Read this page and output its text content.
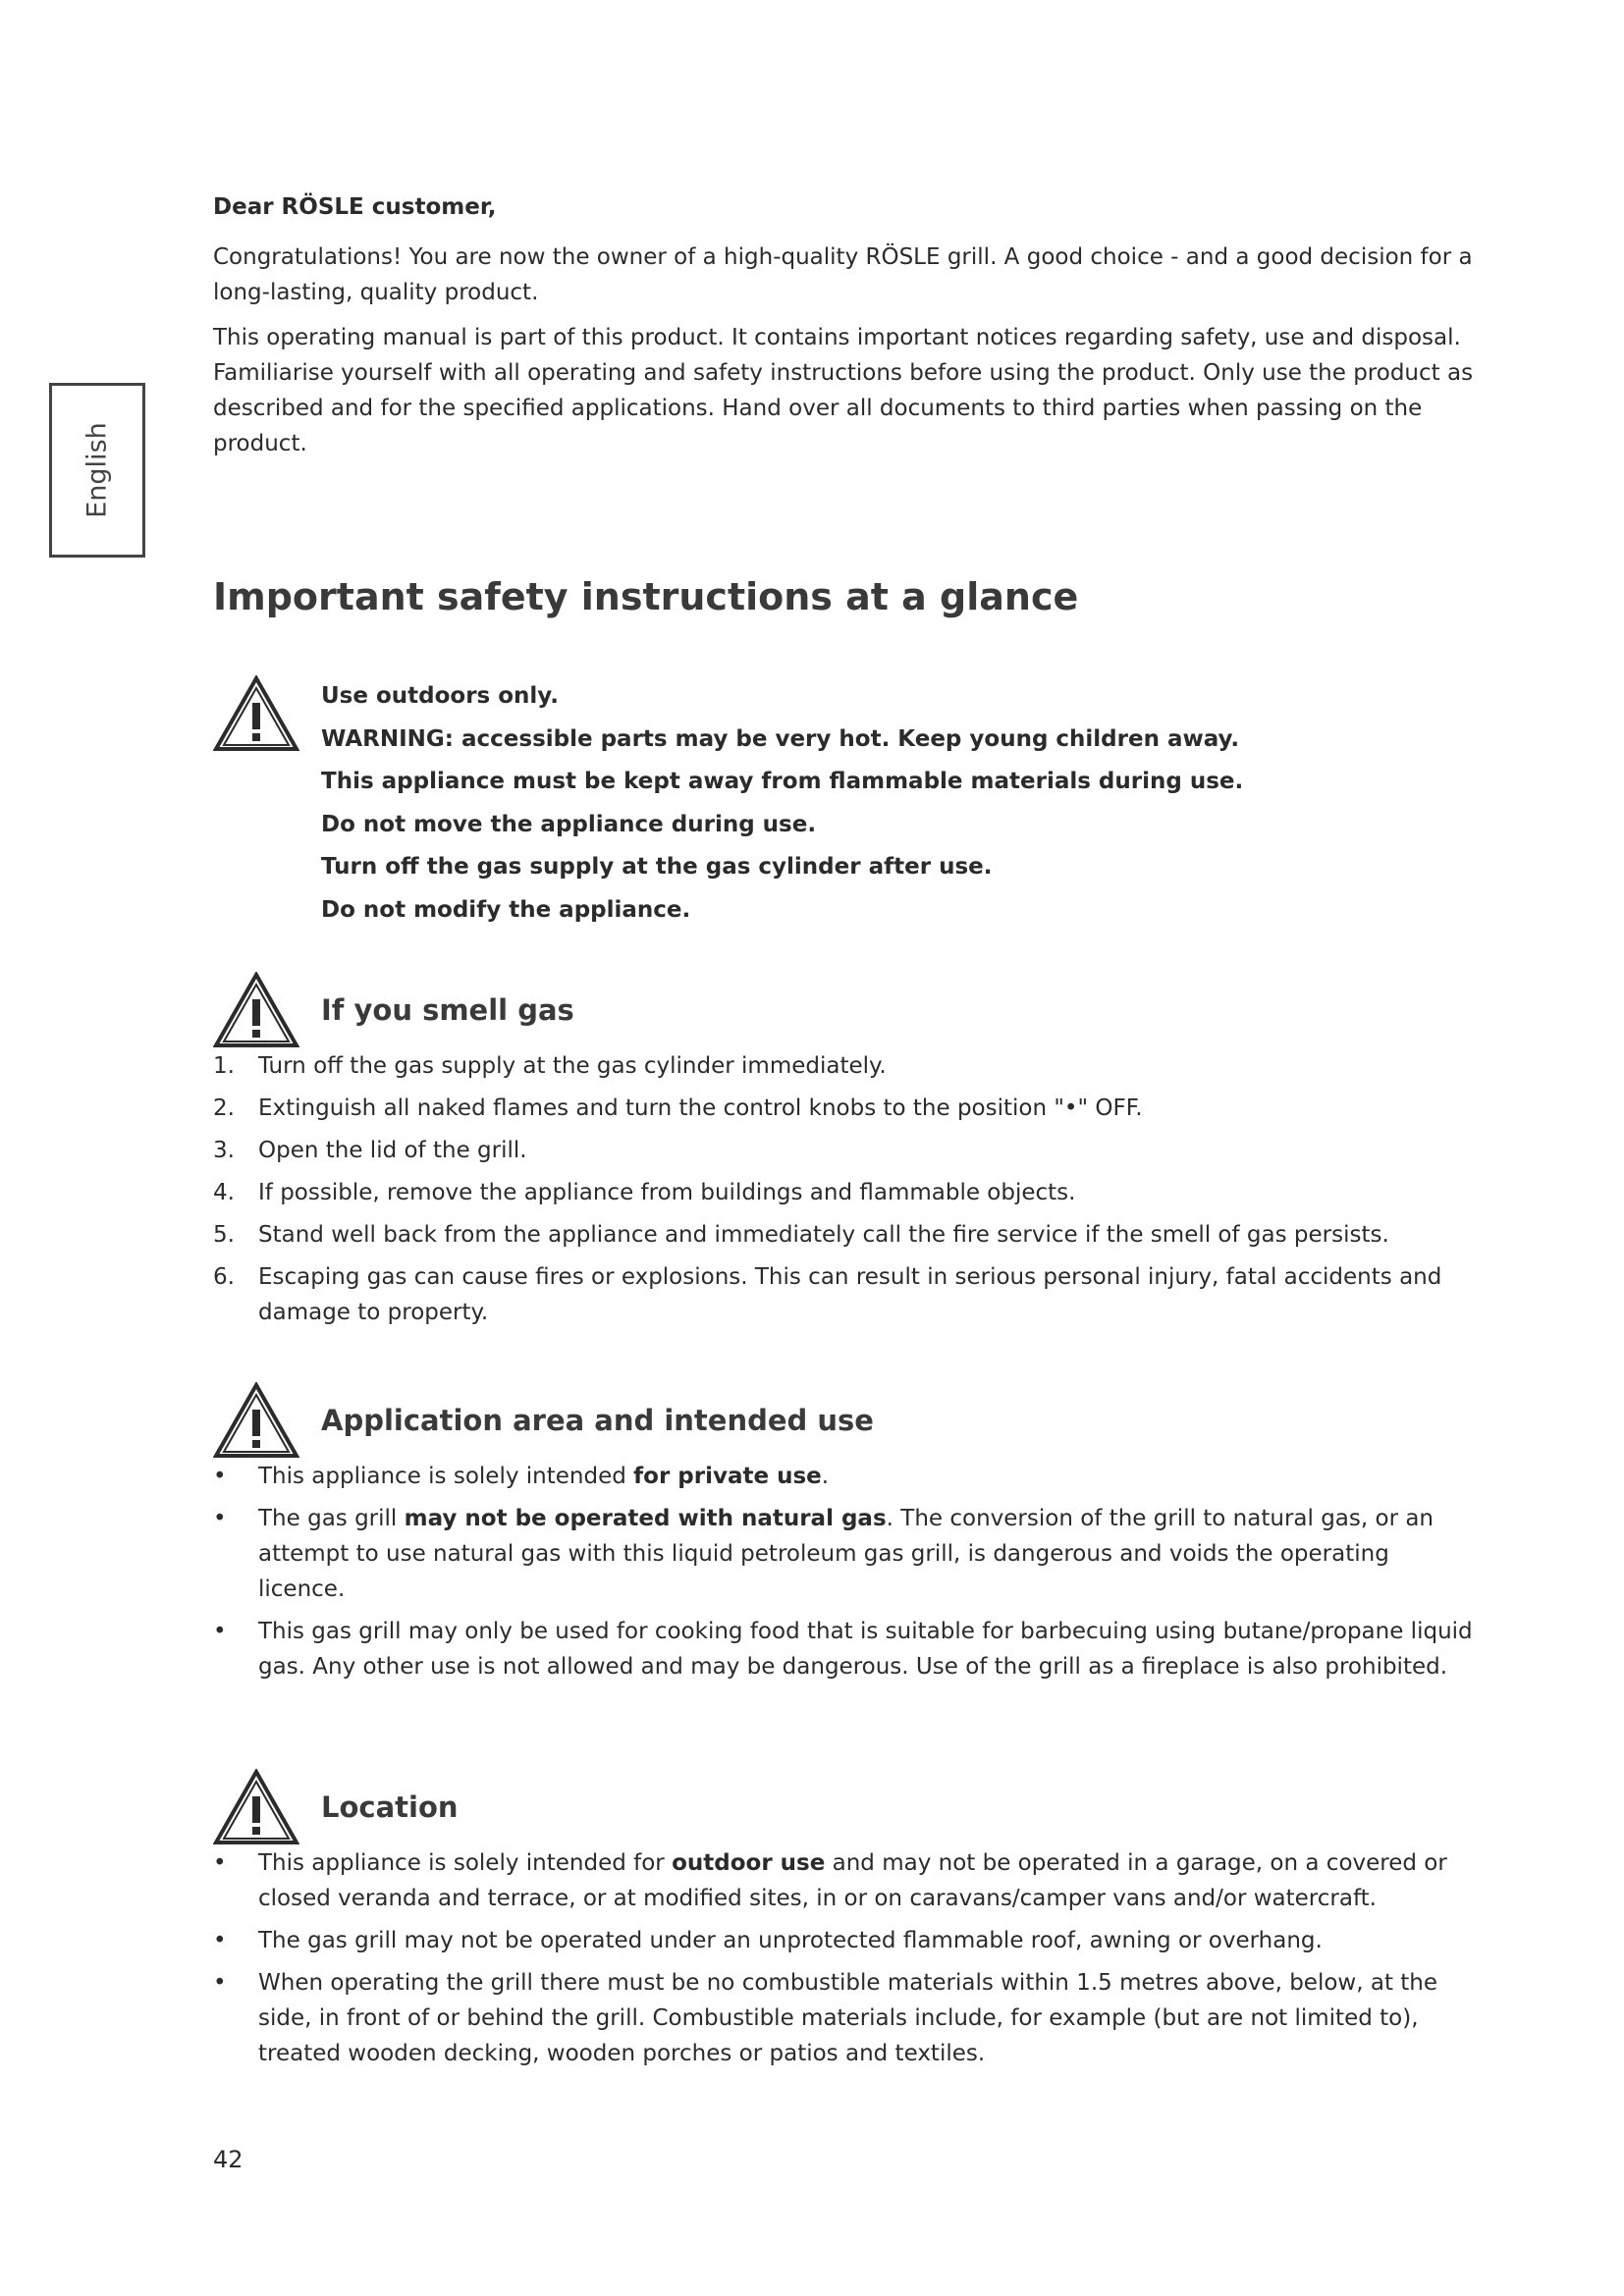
English

Dear RÖSLE customer,

Congratulations! You are now the owner of a high-quality RÖSLE grill. A good choice - and a good decision for a long-lasting, quality product.

This operating manual is part of this product. It contains important notices regarding safety, use and disposal. Familiarise yourself with all operating and safety instructions before using the product. Only use the product as described and for the specified applications. Hand over all documents to third parties when passing on the product.

Important safety instructions at a glance
Use outdoors only.
WARNING: accessible parts may be very hot. Keep young children away.
This appliance must be kept away from flammable materials during use.
Do not move the appliance during use.
Turn off the gas supply at the gas cylinder after use.
Do not modify the appliance.
If you smell gas
1. Turn off the gas supply at the gas cylinder immediately.
2. Extinguish all naked flames and turn the control knobs to the position "•" OFF.
3. Open the lid of the grill.
4. If possible, remove the appliance from buildings and flammable objects.
5. Stand well back from the appliance and immediately call the fire service if the smell of gas persists.
6. Escaping gas can cause fires or explosions. This can result in serious personal injury, fatal accidents and damage to property.
Application area and intended use
• This appliance is solely intended for private use.
• The gas grill may not be operated with natural gas. The conversion of the grill to natural gas, or an attempt to use natural gas with this liquid petroleum gas grill, is dangerous and voids the operating licence.
• This gas grill may only be used for cooking food that is suitable for barbecuing using butane/propane liquid gas. Any other use is not allowed and may be dangerous. Use of the grill as a fireplace is also prohibited.
Location
• This appliance is solely intended for outdoor use and may not be operated in a garage, on a covered or closed veranda and terrace, or at modified sites, in or on caravans/camper vans and/or watercraft.
• The gas grill may not be operated under an unprotected flammable roof, awning or overhang.
• When operating the grill there must be no combustible materials within 1.5 metres above, below, at the side, in front of or behind the grill. Combustible materials include, for example (but are not limited to), treated wooden decking, wooden porches or patios and textiles.
42
